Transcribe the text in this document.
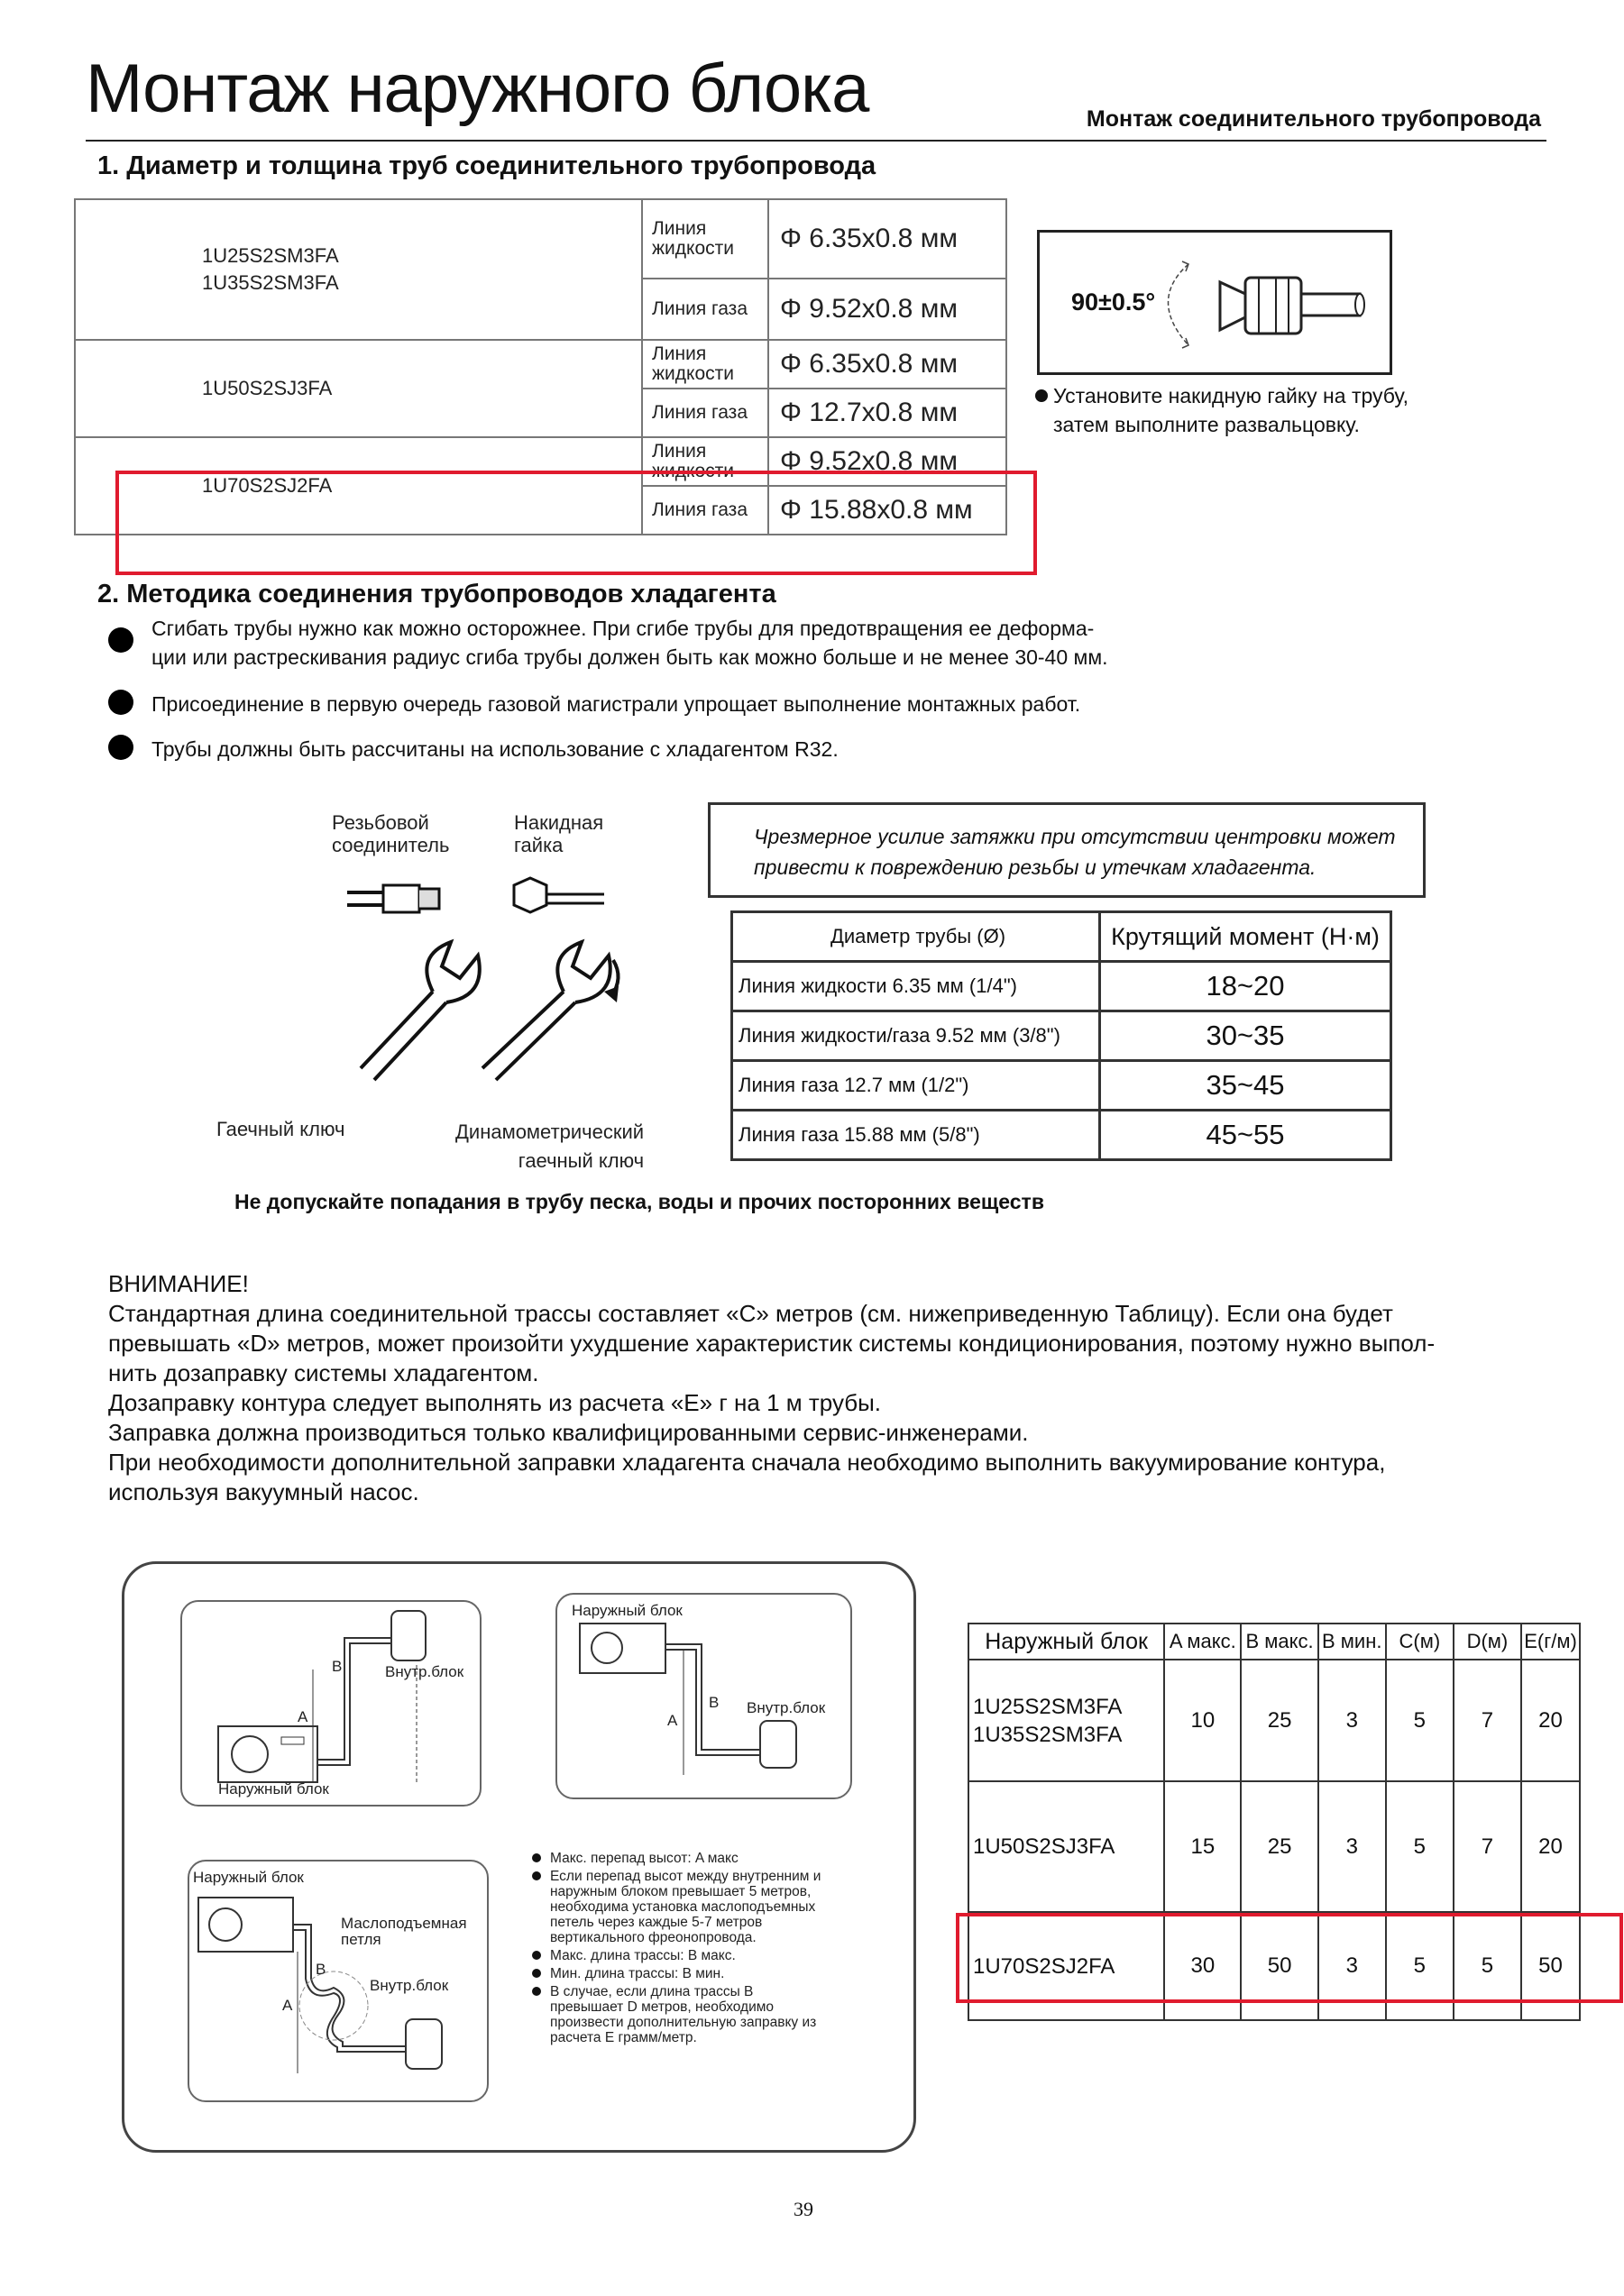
Монтаж наружного блока	Монтаж соединительного трубопровода
1. Диаметр и толщина труб соединительного трубопровода
1U25S2SM3FA
1U35S2SM3FA	Линия жидкости	Φ 6.35x0.8 мм
	Линия газа	Φ 9.52x0.8 мм
1U50S2SJ3FA	Линия жидкости	Φ 6.35x0.8 мм
	Линия газа	Φ 12.7x0.8 мм
1U70S2SJ2FA	Линия жидкости	Φ 9.52x0.8 мм
	Линия газа	Φ 15.88x0.8 мм
90±0.5°
Установите накидную гайку на трубу,
затем выполните развальцовку.
2. Методика соединения трубопроводов хладагента
Сгибать трубы нужно как можно осторожнее. При сгибе трубы для предотвращения ее деформа-
ции или растрескивания радиус сгиба трубы должен быть как можно больше и не менее 30-40 мм.
Присоединение в первую очередь газовой магистрали упрощает выполнение монтажных работ.
Трубы должны быть рассчитаны на использование с хладагентом R32.
Резьбовой
соединитель
Накидная
гайка
Гаечный ключ	Динамометрический
гаечный ключ
Не допускайте попадания в трубу песка, воды и прочих посторонних веществ

Чрезмерное усилие затяжки при отсутствии центровки может
привести к повреждению резьбы и утечкам хладагента.

Диаметр трубы (Ø)	Крутящий момент (Н·м)
Линия жидкости 6.35 мм (1/4")	18~20
Линия жидкости/газа 9.52 мм (3/8")	30~35
Линия газа 12.7 мм (1/2")	35~45
Линия газа 15.88 мм (5/8")	45~55
ВНИМАНИЕ!
Стандартная длина соединительной трассы составляет «С» метров (см. нижеприведенную Таблицу). Если она будет
превышать «D» метров, может произойти ухудшение характеристик системы кондиционирования, поэтому нужно выпол-
нить дозаправку системы хладагентом.
Дозаправку контура следует выполнять из расчета «Е» г на 1 м трубы.
Заправка должна производиться только квалифицированными сервис-инженерами.
При необходимости дополнительной заправки хладагента сначала необходимо выполнить вакуумирование контура,
используя вакуумный насос.
B
A
Внутр.блок
Наружный блок
Наружный блок
B
A
Внутр.блок
Наружный блок
Маслоподъемная
петля
B
A
Внутр.блок
Макс. перепад высот: A макс
Если перепад высот между внутренним и
наружным блоком превышает 5 метров,
необходима установка маслоподъемных
петель через каждые 5-7 метров
вертикального фреонопровода.
Макс. длина трассы: B макс.
Мин. длина трассы: B мин.
В случае, если длина трассы B
превышает D метров, необходимо
произвести дополнительную заправку из
расчета E грамм/метр.
Наружный блок	A макс.	B макс.	B мин.	C(м)	D(м)	E(г/м)

1U25S2SM3FA
1U35S2SM3FA	10	25	3	5	7	20
1U50S2SJ3FA	15	25	3	5	7	20
1U70S2SJ2FA	30	50	3	5	5	50
39
